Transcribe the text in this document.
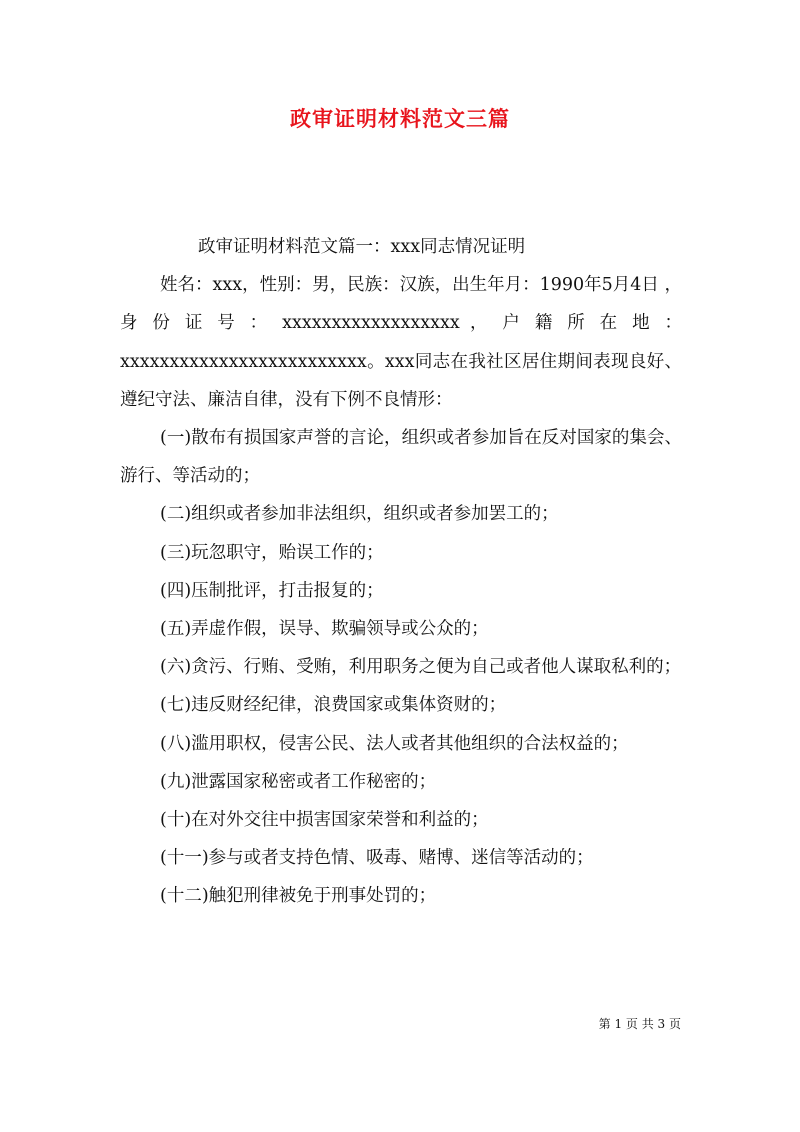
政审证明材料范文三篇

政审证明材料范文篇一：xxx同志情况证明

姓名：xxx，性别：男，民族：汉族，出生年月：1990年5月4日 ， 身 份 证 号 ： xxxxxxxxxxxxxxxxxx ， 户 籍 所 在 地 ： xxxxxxxxxxxxxxxxxxxxxxxxx。xxx同志在我社区居住期间表现良好、遵纪守法、廉洁自律，没有下例不良情形：

(一)散布有损国家声誉的言论，组织或者参加旨在反对国家的集会、游行、等活动的；

(二)组织或者参加非法组织，组织或者参加罢工的；

(三)玩忽职守，贻误工作的；

(四)压制批评，打击报复的；

(五)弄虚作假，误导、欺骗领导或公众的；

(六)贪污、行贿、受贿，利用职务之便为自己或者他人谋取私利的；

(七)违反财经纪律，浪费国家或集体资财的；

(八)滥用职权，侵害公民、法人或者其他组织的合法权益的；

(九)泄露国家秘密或者工作秘密的；

(十)在对外交往中损害国家荣誉和利益的；

(十一)参与或者支持色情、吸毒、赌博、迷信等活动的；

(十二)触犯刑律被免于刑事处罚的；

第 1 页 共 3 页
